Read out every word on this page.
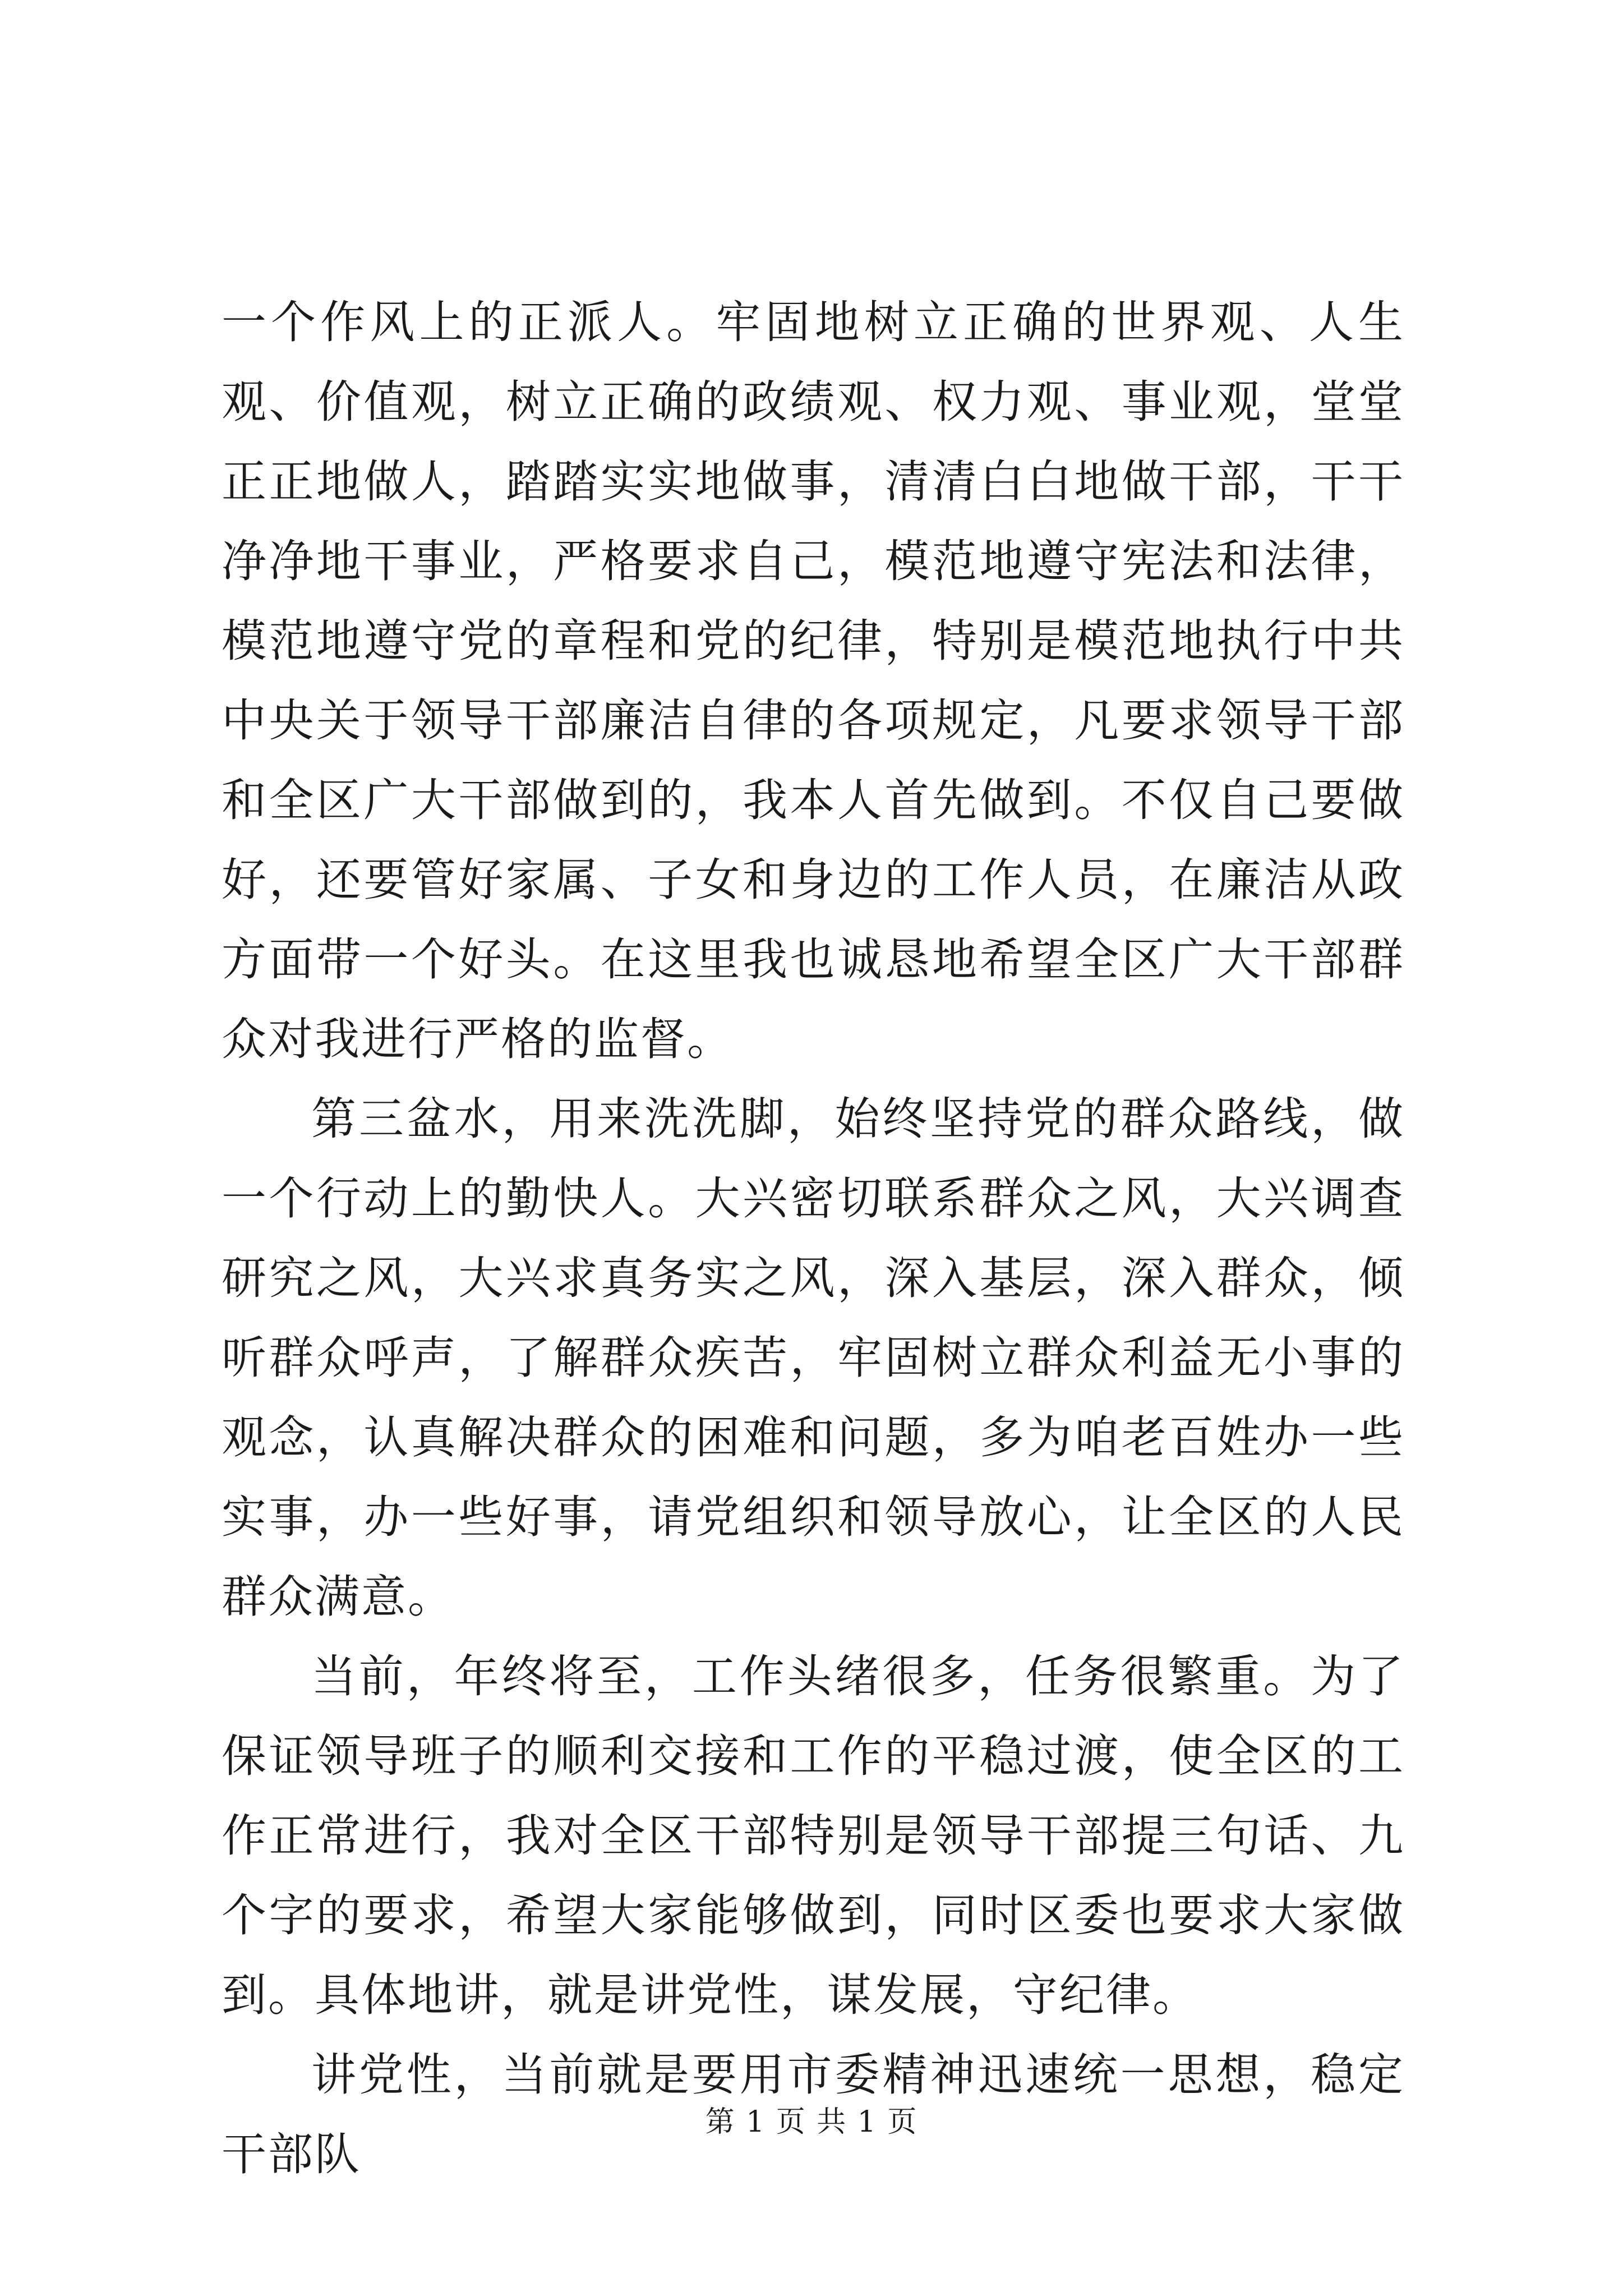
一个作风上的正派人。牢固地树立正确的世界观、人生观、价值观，树立正确的政绩观、权力观、事业观，堂堂正正地做人，踏踏实实地做事，清清白白地做干部，干干净净地干事业，严格要求自己，模范地遵守宪法和法律，模范地遵守党的章程和党的纪律，特别是模范地执行中共中央关于领导干部廉洁自律的各项规定，凡要求领导干部和全区广大干部做到的，我本人首先做到。不仅自己要做好，还要管好家属、子女和身边的工作人员，在廉洁从政方面带一个好头。在这里我也诚恳地希望全区广大干部群众对我进行严格的监督。

第三盆水，用来洗洗脚，始终坚持党的群众路线，做一个行动上的勤快人。大兴密切联系群众之风，大兴调查研究之风，大兴求真务实之风，深入基层，深入群众，倾听群众呼声，了解群众疾苦，牢固树立群众利益无小事的观念，认真解决群众的困难和问题，多为咱老百姓办一些实事，办一些好事，请党组织和领导放心，让全区的人民群众满意。

当前，年终将至，工作头绪很多，任务很繁重。为了保证领导班子的顺利交接和工作的平稳过渡，使全区的工作正常进行，我对全区干部特别是领导干部提三句话、九个字的要求，希望大家能够做到，同时区委也要求大家做到。具体地讲，就是讲党性，谋发展，守纪律。

讲党性，当前就是要用市委精神迅速统一思想，稳定干部队

第 1 页 共 1 页
